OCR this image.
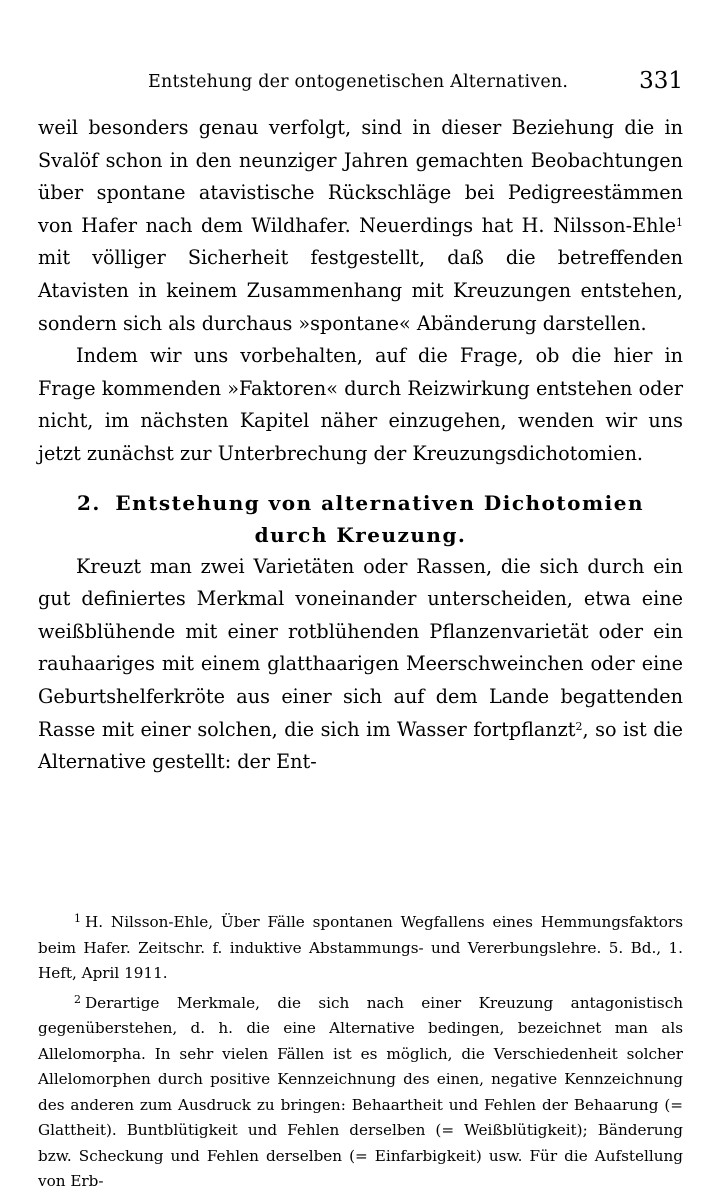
Entstehung der ontogenetischen Alternativen.	331

weil besonders genau verfolgt, sind in dieser Beziehung die in Svalöf schon in den neunziger Jahren gemachten Beobachtungen über spontane atavistische Rückschläge bei Pedigreestämmen von Hafer nach dem Wildhafer. Neuerdings hat H. Nilsson-Ehle$^1$ mit völliger Sicherheit festgestellt, daß die betreffenden Atavisten in keinem Zusammenhang mit Kreuzungen entstehen, sondern sich als durchaus »spontane« Abänderung darstellen.

Indem wir uns vorbehalten, auf die Frage, ob die hier in Frage kommenden »Faktoren« durch Reizwirkung entstehen oder nicht, im nächsten Kapitel näher einzugehen, wenden wir uns jetzt zunächst zur Unterbrechung der Kreuzungsdichotomien.

2. Entstehung von alternativen Dichotomien durch Kreuzung.

Kreuzt man zwei Varietäten oder Rassen, die sich durch ein gut definiertes Merkmal voneinander unterscheiden, etwa eine weißblühende mit einer rotblühenden Pflanzenvarietät oder ein rauhaariges mit einem glatthaarigen Meerschweinchen oder eine Geburtshelferkröte aus einer sich auf dem Lande begattenden Rasse mit einer solchen, die sich im Wasser fortpflanzt$^2$, so ist die Alternative gestellt: der Ent-

$^1$ H. Nilsson-Ehle, Über Fälle spontanen Wegfallens eines Hemmungsfaktors beim Hafer. Zeitschr. f. induktive Abstammungs- und Vererbungslehre. 5. Bd., 1. Heft, April 1911.

$^2$ Derartige Merkmale, die sich nach einer Kreuzung antagonistisch gegenüberstehen, d. h. die eine Alternative bedingen, bezeichnet man als Allelomorpha. In sehr vielen Fällen ist es möglich, die Verschiedenheit solcher Allelomorphen durch positive Kennzeichnung des einen, negative Kennzeichnung des anderen zum Ausdruck zu bringen: Behaartheit und Fehlen der Behaarung (= Glattheit). Buntblütigkeit und Fehlen derselben (= Weißblütigkeit); Bänderung bzw. Scheckung und Fehlen derselben (= Einfarbigkeit) usw. Für die Aufstellung von Erb-
